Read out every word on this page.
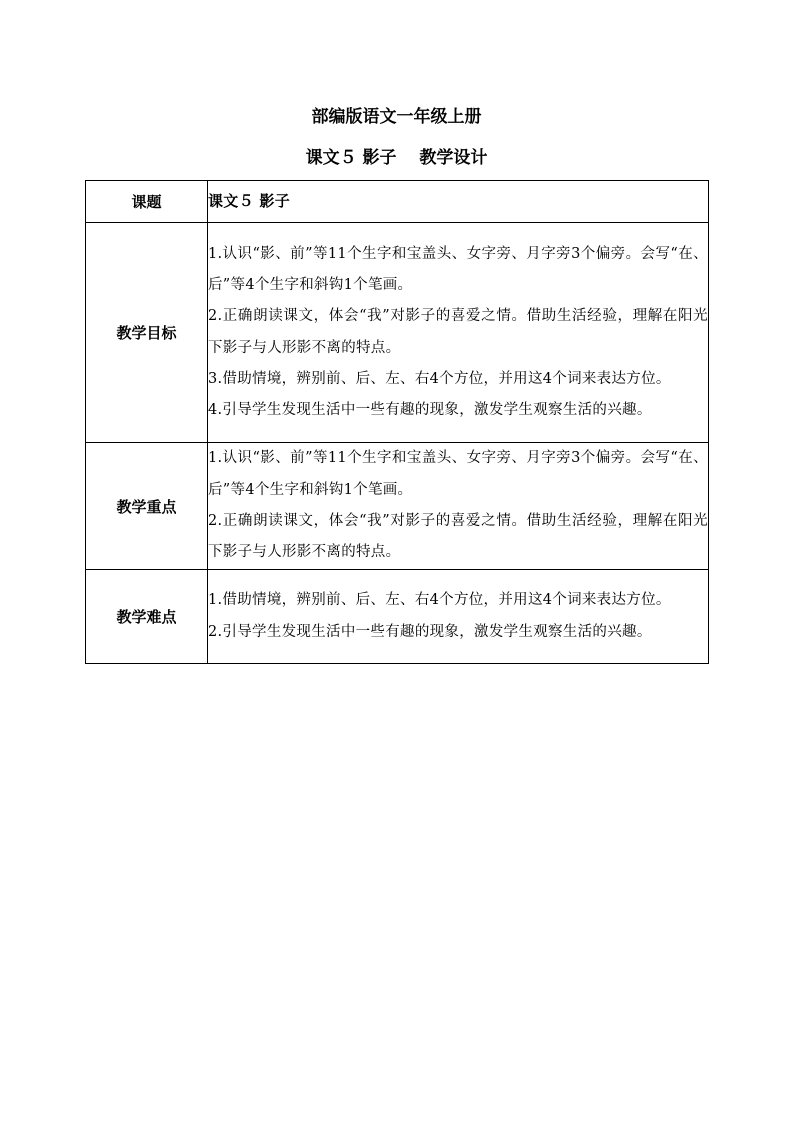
部编版语文一年级上册
课文５ 影子　 教学设计
课题	课文５ 影子
教学目标	1.认识“影、前”等11个生字和宝盖头、女字旁、月字旁3个偏旁。会写“在、后”等4个生字和斜钩1个笔画。
2.正确朗读课文，体会“我”对影子的喜爱之情。借助生活经验，理解在阳光下影子与人形影不离的特点。
3.借助情境，辨别前、后、左、右4个方位，并用这4个词来表达方位。
4.引导学生发现生活中一些有趣的现象，激发学生观察生活的兴趣。

教学重点	1.认识“影、前”等11个生字和宝盖头、女字旁、月字旁3个偏旁。会写“在、后”等4个生字和斜钩1个笔画。
2.正确朗读课文，体会“我”对影子的喜爱之情。借助生活经验，理解在阳光下影子与人形影不离的特点。

教学难点	1.借助情境，辨别前、后、左、右4个方位，并用这4个词来表达方位。
2.引导学生发现生活中一些有趣的现象，激发学生观察生活的兴趣。
